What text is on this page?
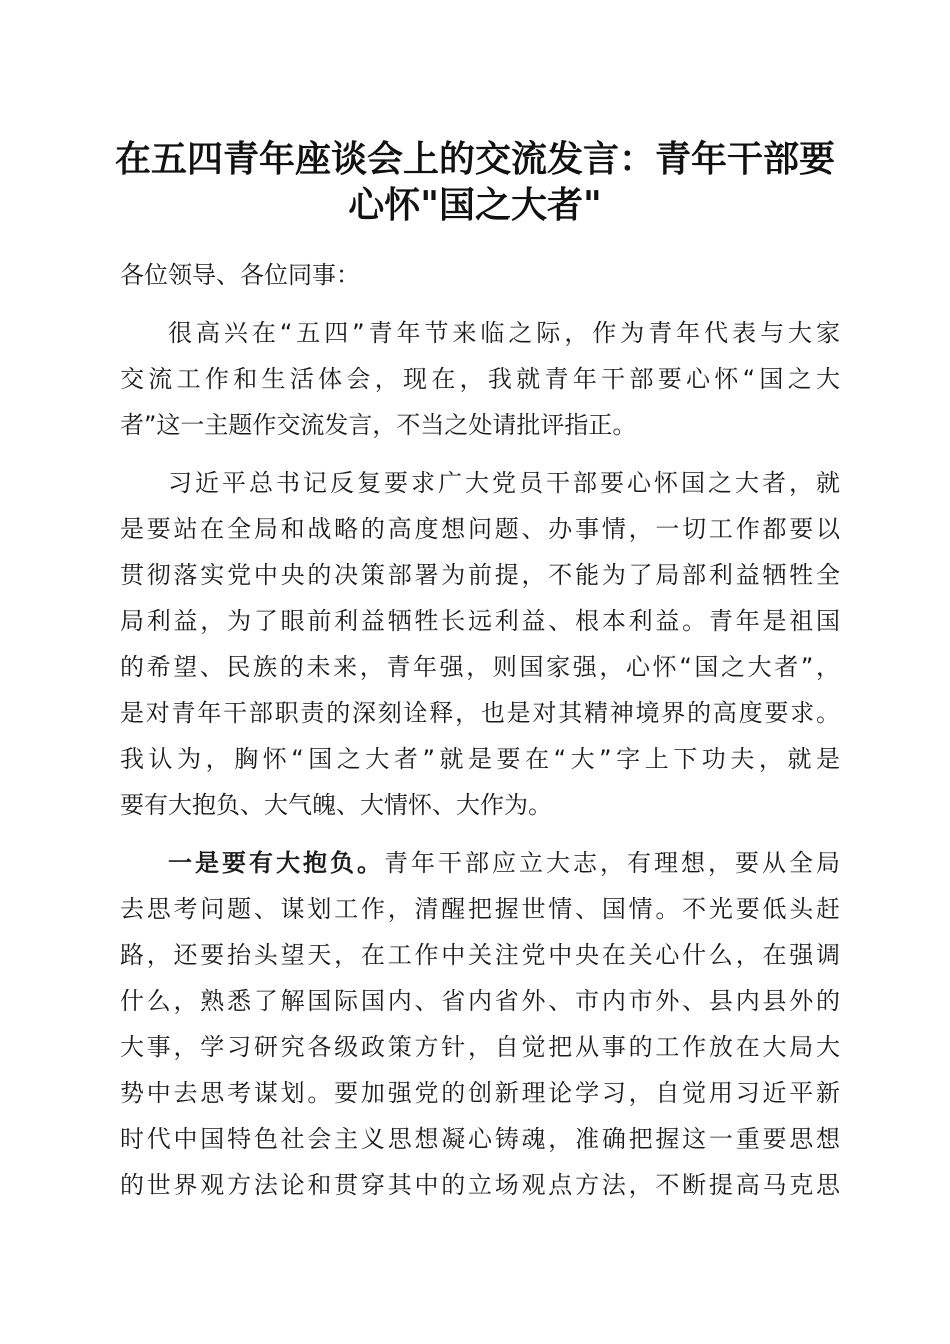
在五四青年座谈会上的交流发言：青年干部要
心怀"国之大者"
各位领导、各位同事：
很高兴在“五四”青年节来临之际，作为青年代表与大家
交流工作和生活体会，现在，我就青年干部要心怀“国之大
者”这一主题作交流发言，不当之处请批评指正。
习近平总书记反复要求广大党员干部要心怀国之大者，就
是要站在全局和战略的高度想问题、办事情，一切工作都要以
贯彻落实党中央的决策部署为前提，不能为了局部利益牺牲全
局利益，为了眼前利益牺牲长远利益、根本利益。青年是祖国
的希望、民族的未来，青年强，则国家强，心怀“国之大者”，
是对青年干部职责的深刻诠释，也是对其精神境界的高度要求。
我认为，胸怀“国之大者”就是要在“大”字上下功夫，就是
要有大抱负、大气魄、大情怀、大作为。
一是要有大抱负。青年干部应立大志，有理想，要从全局
去思考问题、谋划工作，清醒把握世情、国情。不光要低头赶
路，还要抬头望天，在工作中关注党中央在关心什么，在强调
什么，熟悉了解国际国内、省内省外、市内市外、县内县外的
大事，学习研究各级政策方针，自觉把从事的工作放在大局大
势中去思考谋划。要加强党的创新理论学习，自觉用习近平新
时代中国特色社会主义思想凝心铸魂，准确把握这一重要思想
的世界观方法论和贯穿其中的立场观点方法，不断提高马克思
